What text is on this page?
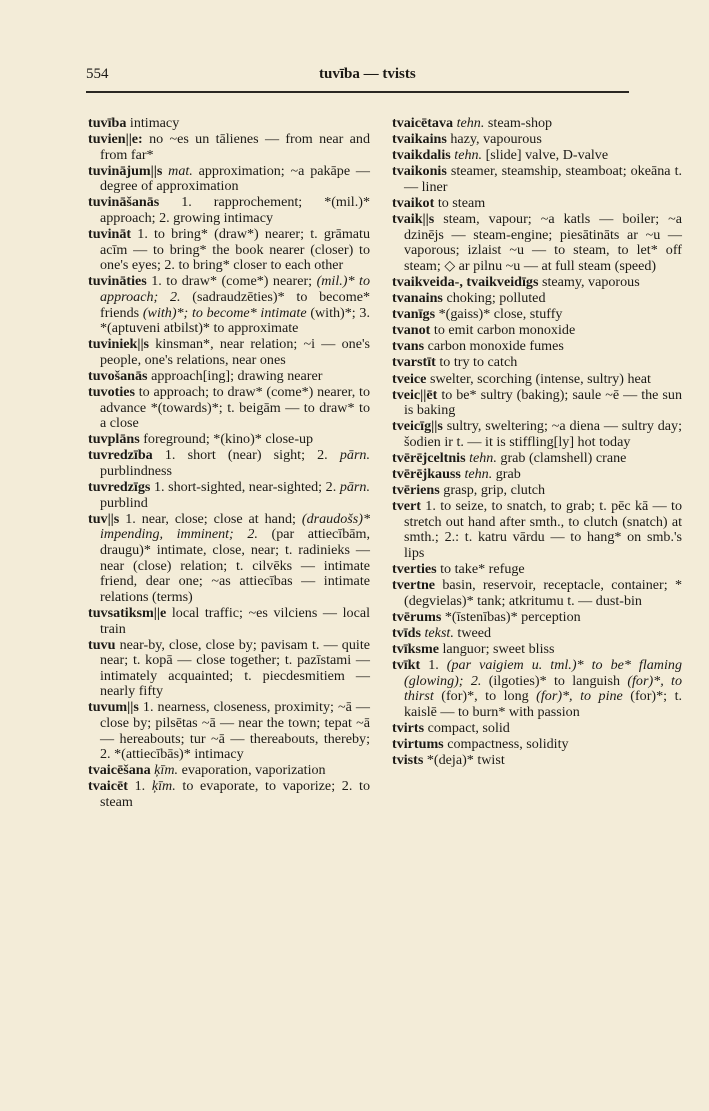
554	tuvība — tvists
tuvība intimacy
tuvien||e: no ~es un tālienes — from near and from far*
tuvinājum||s mat. approximation; ~a pakāpe — degree of approximation
tuvināšanās 1. rapprochement; *(mil.)* approach; 2. growing intimacy
tuvināt 1. to bring* (draw*) nearer; t. grāmatu acīm — to bring* the book nearer (closer) to one's eyes; 2. to bring* closer to each other
tuvināties 1. to draw* (come*) nearer; (mil.)* to approach; 2. (sadraudzēties)* to become* friends (with)*; to become* intimate (with)*; 3. *(aptuveni atbilst)* to approximate
tuviniek||s kinsman*, near relation; ~i — one's people, one's relations, near ones
tuvošanās approach[ing]; drawing nearer
tuvoties to approach; to draw* (come*) nearer, to advance *(towards)*; t. beigām — to draw* to a close
tuvplāns foreground; *(kino)* close-up
tuvredzība 1. short (near) sight; 2. pārn. purblindness
tuvredzīgs 1. short-sighted, near-sighted; 2. pārn. purblind
tuv||s 1. near, close; close at hand; (draudošs)* impending, imminent; 2. (par attiecībām, draugu)* intimate, close, near; t. radinieks — near (close) relation; t. cilvēks — intimate friend, dear one; ~as attiecības — intimate relations (terms)
tuvsatiksm||e local traffic; ~es vilciens — local train
tuvu near-by, close, close by; pavisam t. — quite near; t. kopā — close together; t. pazīstami — intimately acquainted; t. piecdesmitiem — nearly fifty
tuvum||s 1. nearness, closeness, proximity; ~ā — close by; pilsētas ~ā — near the town; tepat ~ā — hereabouts; tur ~ā — thereabouts, thereby; 2. *(attiecībās)* intimacy
tvaicēšana ķīm. evaporation, vaporization
tvaicēt 1. ķīm. to evaporate, to vaporize; 2. to steam
tvaicētava tehn. steam-shop
tvaikains hazy, vapourous
tvaikdalis tehn. [slide] valve, D-valve
tvaikonis steamer, steamship, steamboat; okeāna t. — liner
tvaikot to steam
tvaik||s steam, vapour; ~a katls — boiler; ~a dzinējs — steam-engine; piesātināts ar ~u — vaporous; izlaist ~u — to steam, to let* off steam; ◇ ar pilnu ~u — at full steam (speed)
tvaikveida-, tvaikveidīgs steamy, vaporous
tvanains choking; polluted
tvanīgs *(gaiss)* close, stuffy
tvanot to emit carbon monoxide
tvans carbon monoxide fumes
tvarstīt to try to catch
tveice swelter, scorching (intense, sultry) heat
tveic||ēt to be* sultry (baking); saule ~ē — the sun is baking
tveicīg||s sultry, sweltering; ~a diena — sultry day; šodien ir t. — it is stiffling[ly] hot today
tvērējceltnis tehn. grab (clamshell) crane
tvērējkauss tehn. grab
tvēriens grasp, grip, clutch
tvert 1. to seize, to snatch, to grab; t. pēc kā — to stretch out hand after smth., to clutch (snatch) at smth.; 2.: t. katru vārdu — to hang* on smb.'s lips
tverties to take* refuge
tvertne basin, reservoir, receptacle, container; *(degvielas)* tank; atkritumu t. — dust-bin
tvērums *(īstenības)* perception
tvīds tekst. tweed
tvīksme languor; sweet bliss
tvīkt 1. (par vaigiem u. tml.)* to be* flaming (glowing); 2. (ilgoties)* to languish (for)*, to thirst (for)*, to long (for)*, to pine (for)*; t. kaislē — to burn* with passion
tvirts compact, solid
tvirtums compactness, solidity
tvists *(deja)* twist
